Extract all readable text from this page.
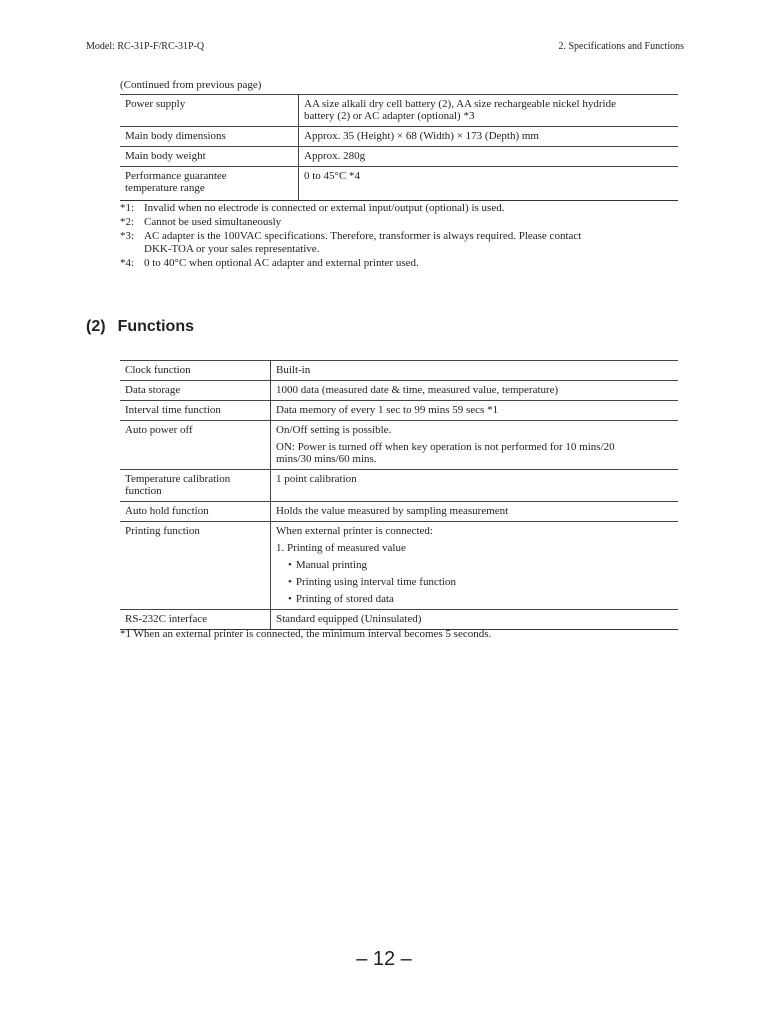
Model: RC-31P-F/RC-31P-Q	2. Specifications and Functions
(Continued from previous page)
Power supply	AA size alkali dry cell battery (2), AA size rechargeable nickel hydride

battery (2) or AC adapter (optional) *3

Main body dimensions	Approx. 35 (Height) × 68 (Width) × 173 (Depth) mm
Main body weight	Approx. 280g

Performance guarantee

temperature range	0 to 45°C *4
*1: Invalid when no electrode is connected or external input/output (optional) is used.
*2: Cannot be used simultaneously
*3: AC adapter is the 100VAC specifications. Therefore, transformer is always required. Please contact
DKK-TOA or your sales representative.
*4: 0 to 40°C when optional AC adapter and external printer used.
(2) Functions
Clock function	Built-in
Data storage	1000 data (measured date & time, measured value, temperature)
Interval time function	Data memory of every 1 sec to 99 mins 59 secs *1
Auto power off	On/Off setting is possible.

ON: Power is turned off when key operation is not performed for 10 mins/20

mins/30 mins/60 mins.

Temperature calibration

function	1 point calibration
Auto hold function	Holds the value measured by sampling measurement
Printing function	When external printer is connected:

1. Printing of measured value

• Manual printing

• Printing using interval time function

• Printing of stored data

RS-232C interface	Standard equipped (Uninsulated)
*1 When an external printer is connected, the minimum interval becomes 5 seconds.
– 12 –
